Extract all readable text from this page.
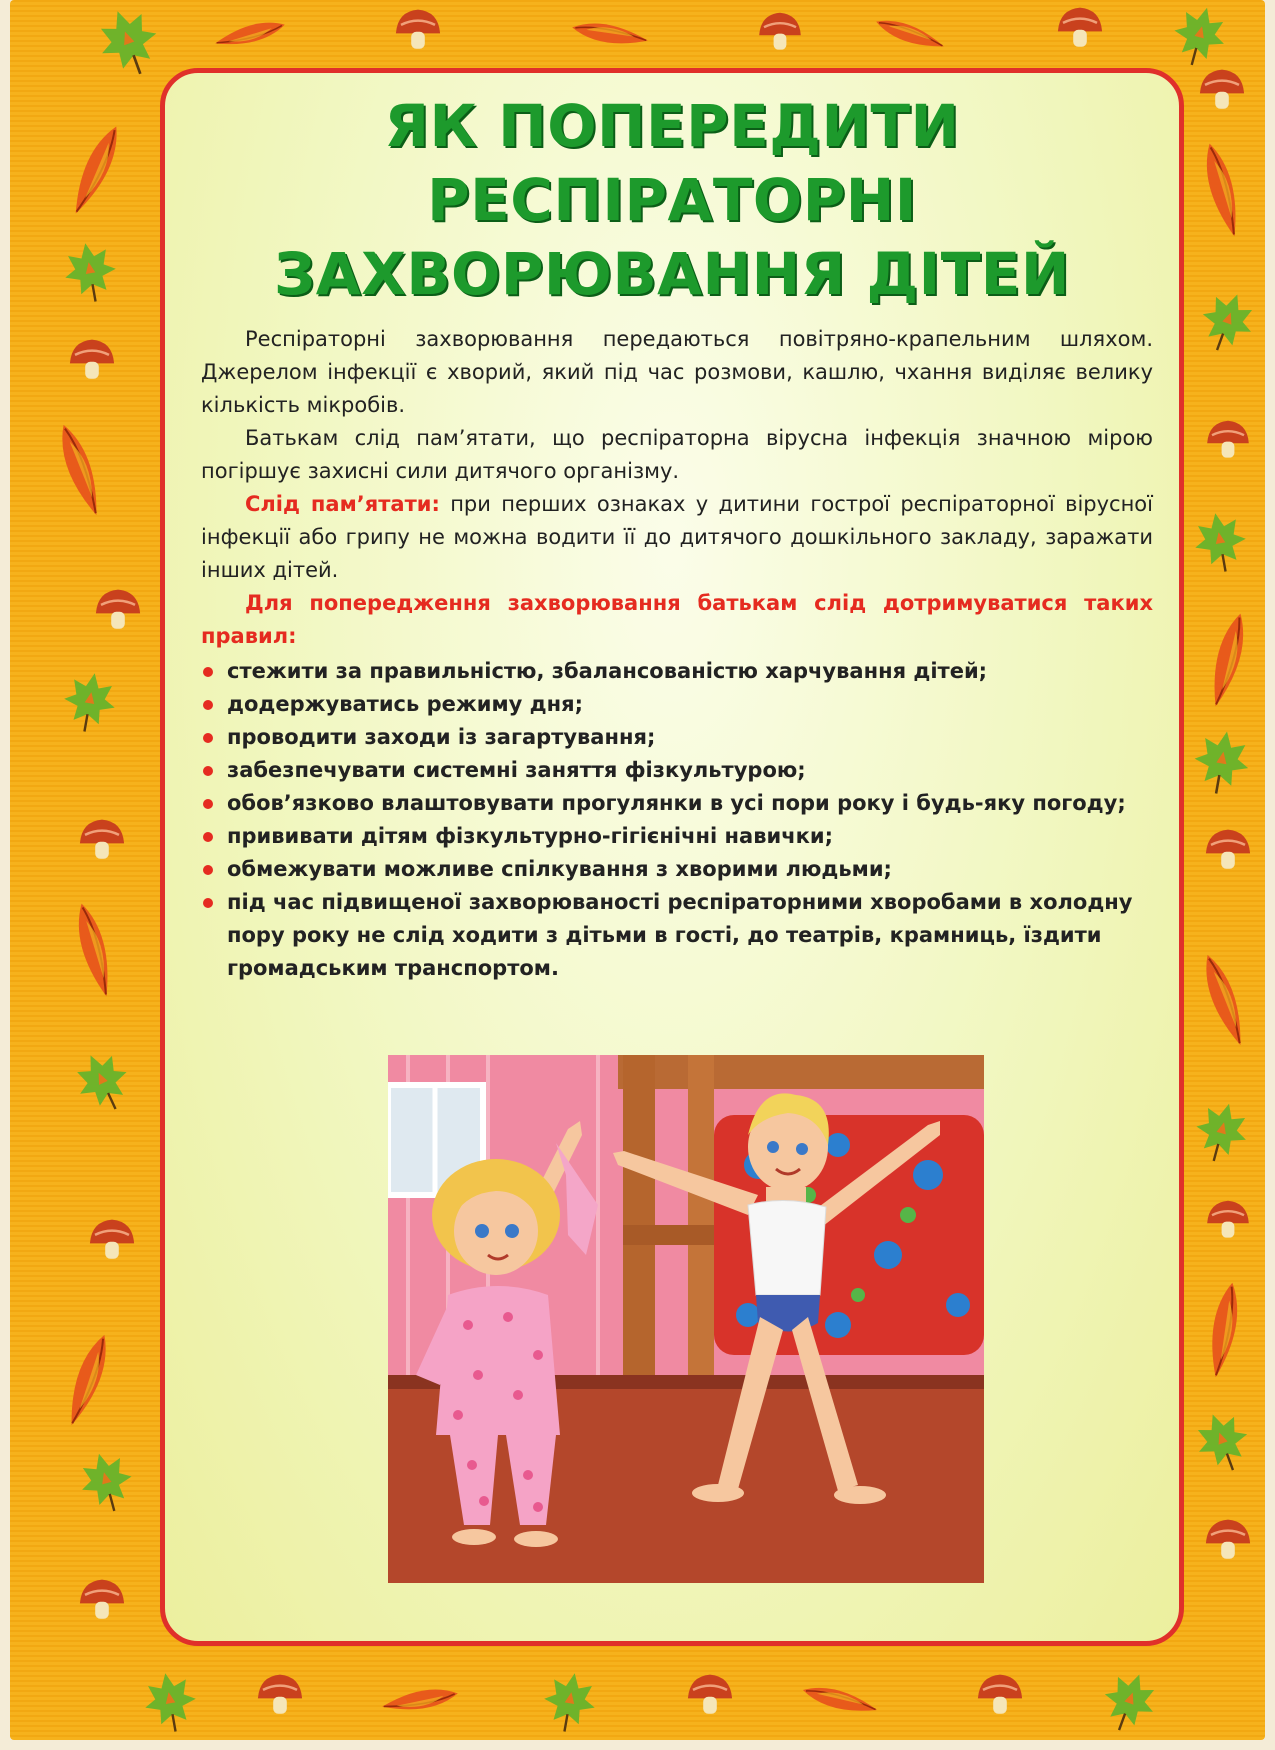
ЯК ПОПЕРЕДИТИ
РЕСПІРАТОРНІ
ЗАХВОРЮВАННЯ ДІТЕЙ

Респіраторні захворювання передаються повітряно-крапельним шляхом. Джерелом інфекції є хворий, який під час розмови, кашлю, чхання виділяє велику кількість мікробів.

Батькам слід пам’ятати, що респіраторна вірусна інфекція значною мірою погіршує захисні сили дитячого організму.

Слід пам’ятати: при перших ознаках у дитини гострої респіраторної вірусної інфекції або грипу не можна водити її до дитячого дошкільного закладу, заражати інших дітей.

Для попередження захворювання батькам слід дотримуватися таких правил:

стежити за правильністю, збалансованістю харчування дітей;
додержуватись режиму дня;
проводити заходи із загартування;
забезпечувати системні заняття фізкультурою;
обов’язково влаштовувати прогулянки в усі пори року і будь-яку погоду;
прививати дітям фізкультурно-гігієнічні навички;
обмежувати можливе спілкування з хворими людьми;
під час підвищеної захворюваності респіраторними хворобами в холодну пору року не слід ходити з дітьми в гості, до театрів, крамниць, їздити громадським транспортом.
